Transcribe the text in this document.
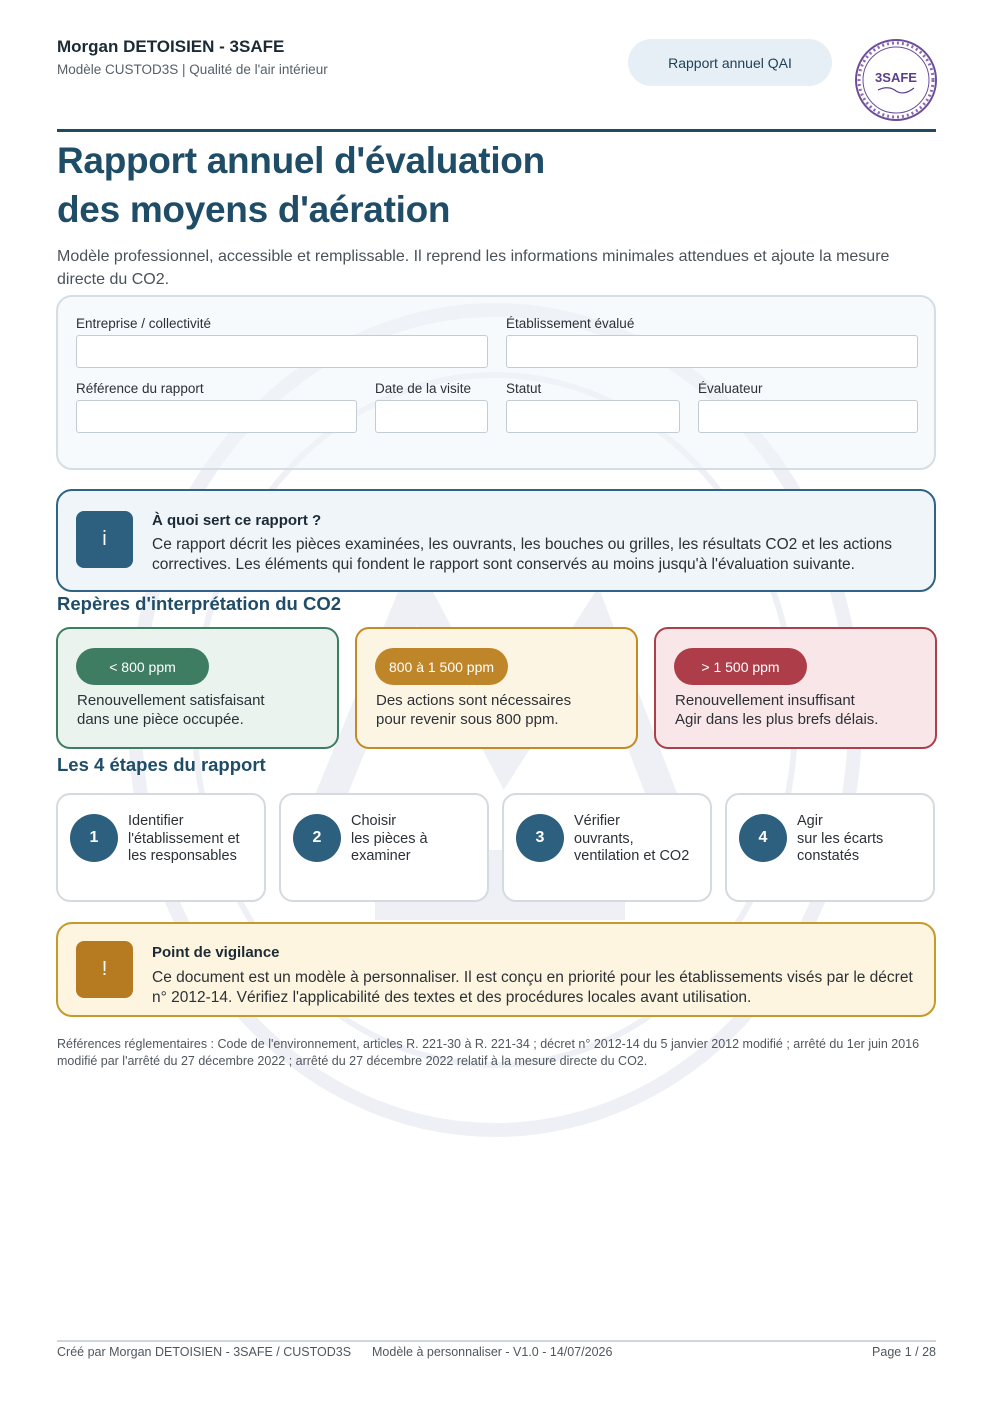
Morgan DETOISIEN - 3SAFE
Modèle CUSTOD3S | Qualité de l'air intérieur	Rapport annuel QAI
3SAFE
Rapport annuel d'évaluation
des moyens d'aération
Modèle professionnel, accessible et remplissable. Il reprend les informations minimales attendues et ajoute la mesure directe du CO2.
Entreprise / collectivité	Établissement évalué
Référence du rapport	Date de la visite	Statut	Évaluateur
i
À quoi sert ce rapport ?
Ce rapport décrit les pièces examinées, les ouvrants, les bouches ou grilles, les résultats CO2 et les actions correctives. Les éléments qui fondent le rapport sont conservés au moins jusqu'à l'évaluation suivante.
Repères d'interprétation du CO2
< 800 ppm
Renouvellement satisfaisant
dans une pièce occupée.
800 à 1 500 ppm
Des actions sont nécessaires
pour revenir sous 800 ppm.
> 1 500 ppm
Renouvellement insuffisant
Agir dans les plus brefs délais.
Les 4 étapes du rapport
1
Identifier
l'établissement et
les responsables
2
Choisir
les pièces à
examiner
3
Vérifier
ouvrants,
ventilation et CO2
4
Agir
sur les écarts
constatés
!
Point de vigilance
Ce document est un modèle à personnaliser. Il est conçu en priorité pour les établissements visés par le décret n° 2012-14. Vérifiez l'applicabilité des textes et des procédures locales avant utilisation.
Références réglementaires : Code de l'environnement, articles R. 221-30 à R. 221-34 ; décret n° 2012-14 du 5 janvier 2012 modifié ; arrêté du 1er juin 2016 modifié par l'arrêté du 27 décembre 2022 ; arrêté du 27 décembre 2022 relatif à la mesure directe du CO2.
Créé par Morgan DETOISIEN - 3SAFE / CUSTOD3S Modèle à personnaliser - V1.0 - 14/07/2026	Page 1 / 28
